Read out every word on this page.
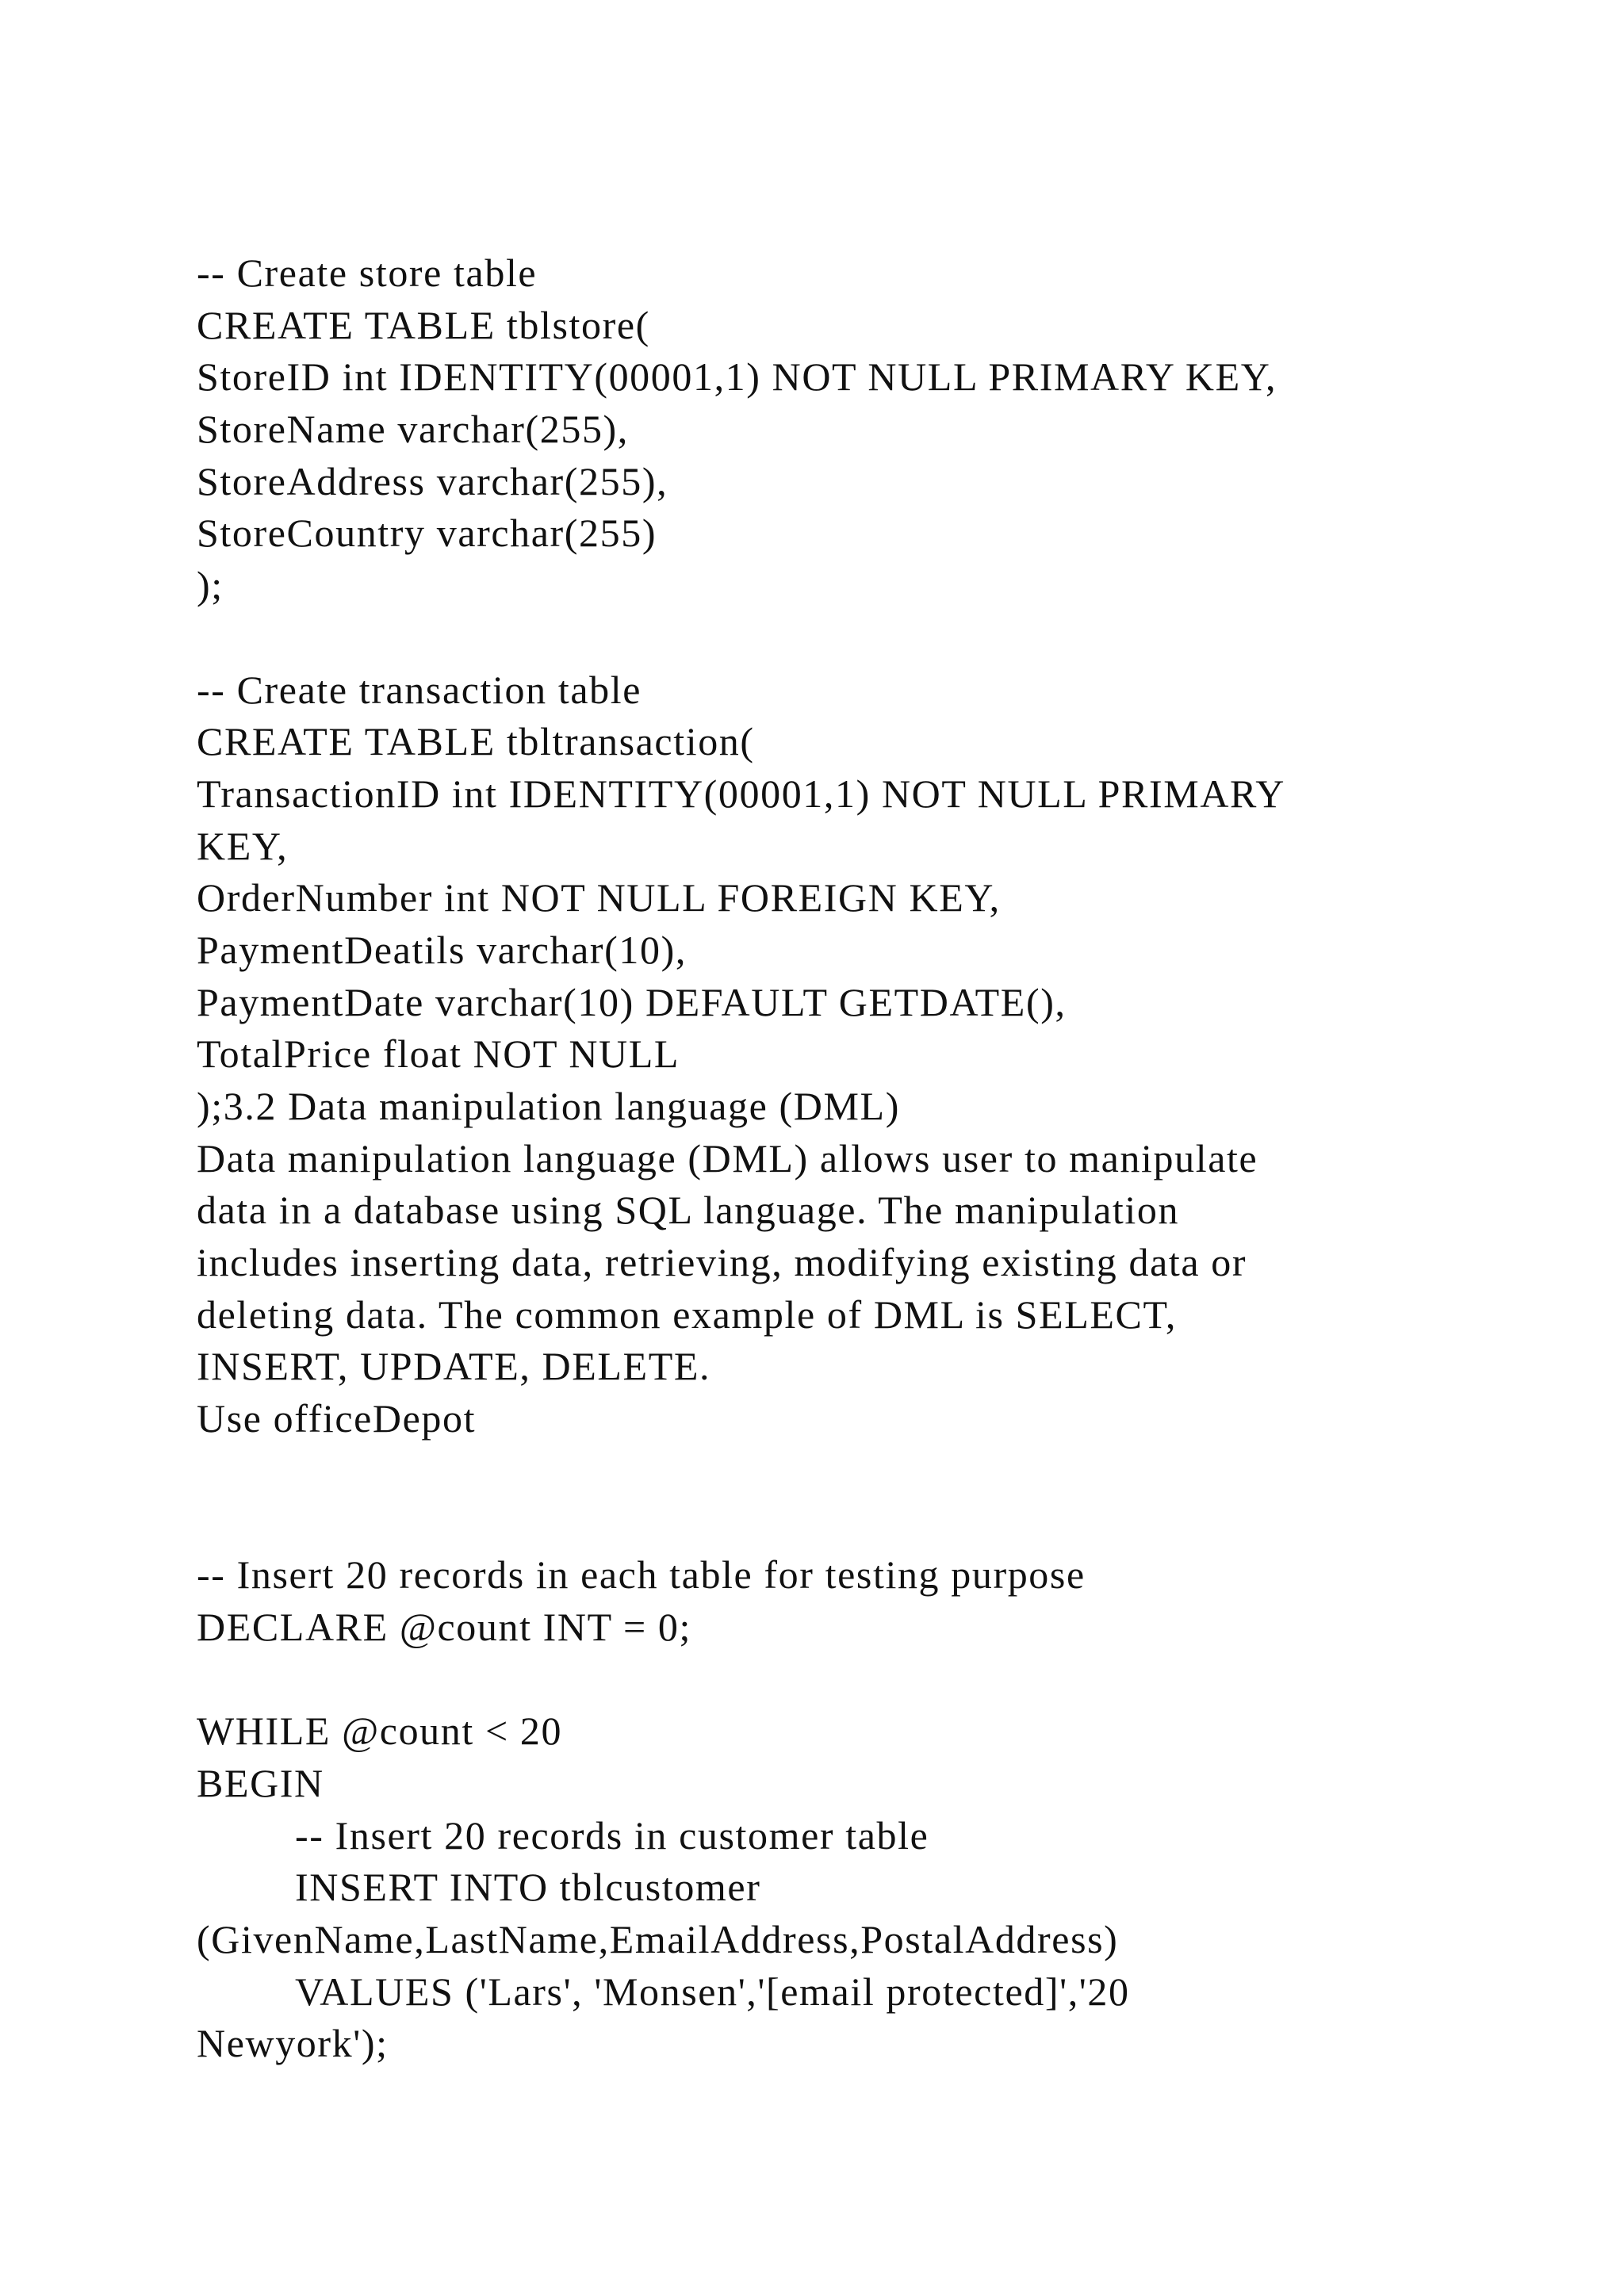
-- Create store table
CREATE TABLE tblstore(
StoreID int IDENTITY(00001,1) NOT NULL PRIMARY KEY,
StoreName varchar(255),
StoreAddress varchar(255),
StoreCountry varchar(255)
);
-- Create transaction table
CREATE TABLE tbltransaction(
TransactionID int IDENTITY(00001,1) NOT NULL PRIMARY
KEY,
OrderNumber int NOT NULL FOREIGN KEY,
PaymentDeatils varchar(10),
PaymentDate varchar(10) DEFAULT GETDATE(),
TotalPrice float NOT NULL
);3.2 Data manipulation language (DML)
Data manipulation language (DML) allows user to manipulate
data in a database using SQL language. The manipulation
includes inserting data, retrieving, modifying existing data or
deleting data. The common example of DML is SELECT,
INSERT, UPDATE, DELETE.
Use officeDepot
-- Insert 20 records in each table for testing purpose
DECLARE @count INT = 0;
WHILE @count < 20
BEGIN
-- Insert 20 records in customer table
INSERT INTO tblcustomer
(GivenName,LastName,EmailAddress,PostalAddress)
VALUES ('Lars', 'Monsen','[email protected]','20
Newyork');
